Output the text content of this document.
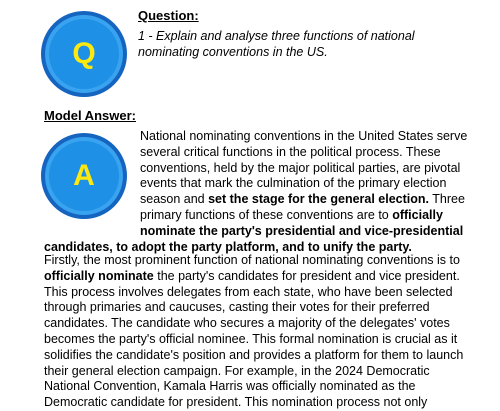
Q
Question:
1 - Explain and analyse three functions of national nominating conventions in the US.
Model Answer:
A

National nominating conventions in the United States serve several critical functions in the political process. These conventions, held by the major political parties, are pivotal events that mark the culmination of the primary election season and set the stage for the general election. Three primary functions of these conventions are to officially nominate the party's presidential and vice-presidential candidates, to adopt the party platform, and to unify the party.

Firstly, the most prominent function of national nominating conventions is to officially nominate the party's candidates for president and vice president. This process involves delegates from each state, who have been selected through primaries and caucuses, casting their votes for their preferred candidates. The candidate who secures a majority of the delegates' votes becomes the party's official nominee. This formal nomination is crucial as it solidifies the candidate's position and provides a platform for them to launch their general election campaign. For example, in the 2024 Democratic National Convention, Kamala Harris was officially nominated as the Democratic candidate for president. This nomination process not only
